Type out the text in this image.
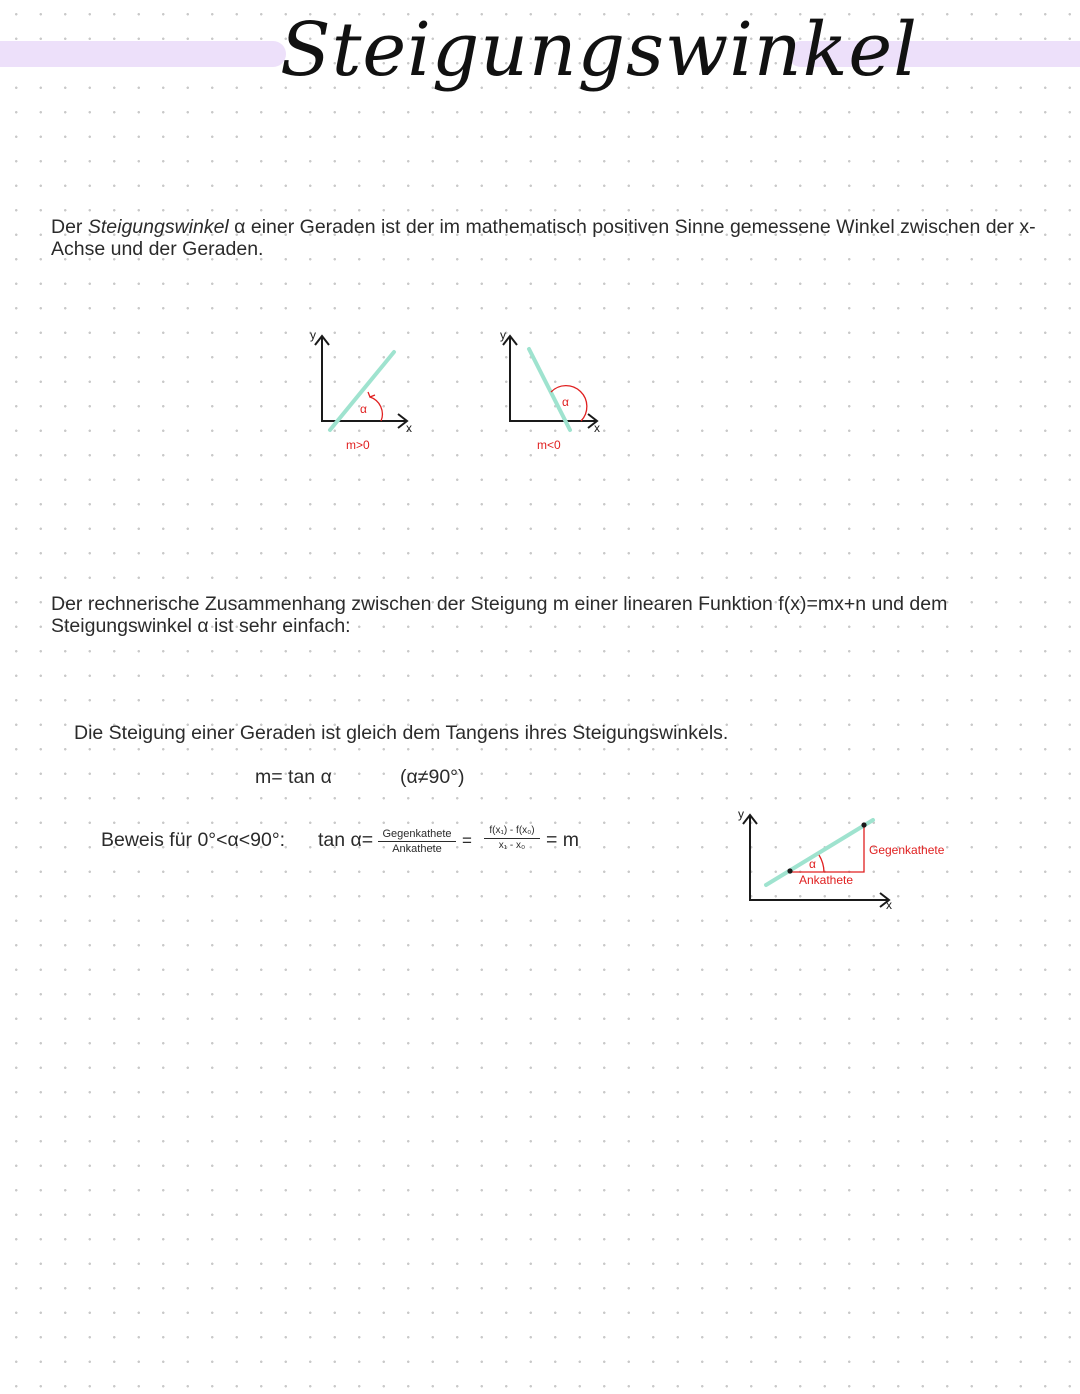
Steigungswinkel

Der Steigungswinkel α einer Geraden ist der im mathematisch positiven Sinne gemessene Winkel zwischen der x-Achse und der Geraden.

y
x
α
m>0
y
x
α
m<0

Der rechnerische Zusammenhang zwischen der Steigung m einer linearen Funktion f(x)=mx+n und dem Steigungswinkel α ist sehr einfach:

Die Steigung einer Geraden ist gleich dem Tangens ihres Steigungswinkels.

m= tan α	(α≠90°)
Beweis für 0°<α<90°: tan α= Gegenkathete
Ankathete	= $\frac{\text{f(x₁) - f(x₀)}}{\text{x₁ - x₀}} = m$
y
x
α
Ankathete
Gegenkathete
